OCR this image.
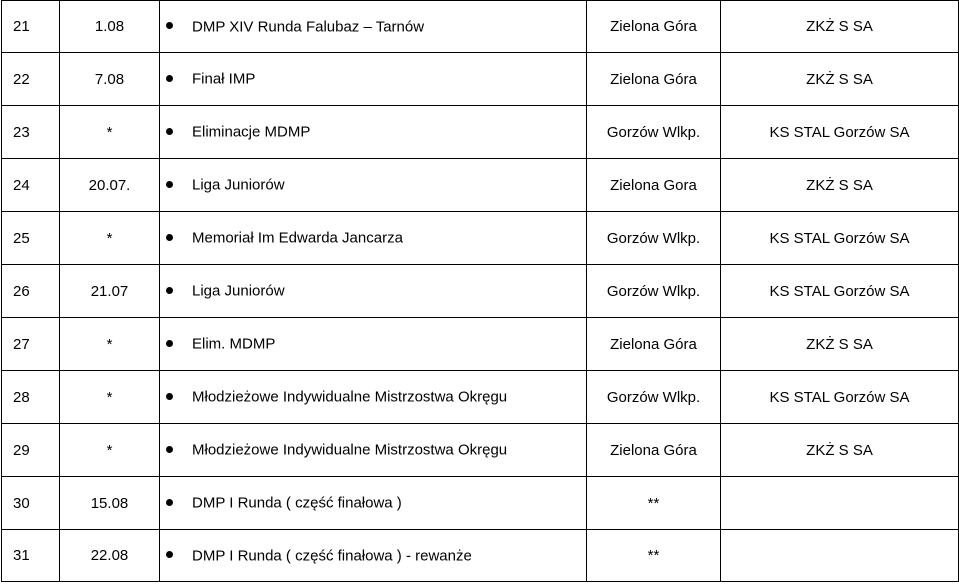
21	1.08	DMP XIV Runda Falubaz – Tarnów	Zielona Góra	ZKŻ S SA
22	7.08	Finał IMP	Zielona Góra	ZKŻ S SA
23	*	Eliminacje MDMP	Gorzów Wlkp.	KS STAL Gorzów SA
24	20.07.	Liga Juniorów	Zielona Gora	ZKŻ S SA
25	*	Memoriał Im Edwarda Jancarza	Gorzów Wlkp.	KS STAL Gorzów SA
26	21.07	Liga Juniorów	Gorzów Wlkp.	KS STAL Gorzów SA
27	*	Elim. MDMP	Zielona Góra	ZKŻ S SA
28	*	Młodzieżowe Indywidualne Mistrzostwa Okręgu	Gorzów Wlkp.	KS STAL Gorzów SA
29	*	Młodzieżowe Indywidualne Mistrzostwa Okręgu	Zielona Góra	ZKŻ S SA
30	15.08	DMP I Runda ( część finałowa )	**	
31	22.08	DMP I Runda ( część finałowa ) - rewanże	**	
